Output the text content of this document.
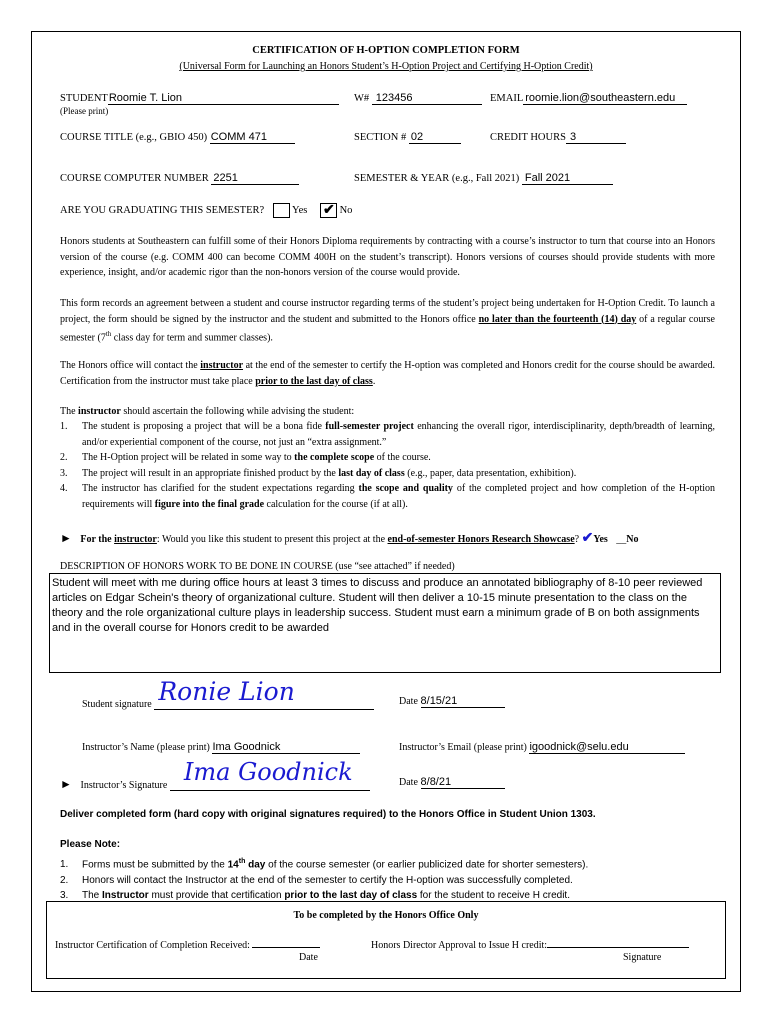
CERTIFICATION OF H-OPTION COMPLETION FORM
(Universal Form for Launching an Honors Student’s H-Option Project and Certifying H-Option Credit)
STUDENTRoomie T. Lion
(Please print)
W# 123456	EMAIL roomie.lion@southeastern.edu
COURSE TITLE (e.g., GBIO 450) COMM 471	SECTION # 02	CREDIT HOURS 3
COURSE COMPUTER NUMBER 2251	SEMESTER & YEAR (e.g., Fall 2021) Fall 2021
ARE YOU GRADUATING THIS SEMESTER?	Yes ✔ No
Honors students at Southeastern can fulfill some of their Honors Diploma requirements by contracting with a course’s instructor to turn that course into an Honors version of the course (e.g. COMM 400 can become COMM 400H on the student’s transcript). Honors versions of courses should provide students with more experience, insight, and/or academic rigor than the non-honors version of the course would provide.
This form records an agreement between a student and course instructor regarding terms of the student’s project being undertaken for H-Option Credit. To launch a project, the form should be signed by the instructor and the student and submitted to the Honors office no later than the fourteenth (14) day of a regular course semester (7th class day for term and summer classes).
The Honors office will contact the instructor at the end of the semester to certify the H-option was completed and Honors credit for the course should be awarded. Certification from the instructor must take place prior to the last day of class.
The instructor should ascertain the following while advising the student:
1. The student is proposing a project that will be a bona fide full-semester project enhancing the overall rigor, interdisciplinarity, depth/breadth of learning, and/or experiential component of the course, not just an “extra assignment.”
2. The H-Option project will be related in some way to the complete scope of the course.
3. The project will result in an appropriate finished product by the last day of class (e.g., paper, data presentation, exhibition).
4. The instructor has clarified for the student expectations regarding the scope and quality of the completed project and how completion of the H-option requirements will figure into the final grade calculation for the course (if at all).
► For the instructor: Would you like this student to present this project at the end-of-semester Honors Research Showcase? ✔Yes __No
DESCRIPTION OF HONORS WORK TO BE DONE IN COURSE (use “see attached” if needed)
Student will meet with me during office hours at least 3 times to discuss and produce an annotated bibliography of 8-10 peer reviewed articles on Edgar Schein's theory of organizational culture. Student will then deliver a 10-15 minute presentation to the class on the theory and the role organizational culture plays in leadership success. Student must earn a minimum grade of B on both assignments and in the overall course for Honors credit to be awarded
Student signature Ronie Lion	Date 8/15/21
Instructor’s Name (please print) Ima Goodnick	Instructor’s Email (please print) igoodnick@selu.edu
► Instructor’s Signature Ima Goodnick	Date 8/8/21
Deliver completed form (hard copy with original signatures required) to the Honors Office in Student Union 1303.
Please Note:
1. Forms must be submitted by the 14th day of the course semester (or earlier publicized date for shorter semesters).
2. Honors will contact the Instructor at the end of the semester to certify the H-option was successfully completed.
3. The Instructor must provide that certification prior to the last day of class for the student to receive H credit.
To be completed by the Honors Office Only
Instructor Certification of Completion Received:
Date
Honors Director Approval to Issue H credit:
Signature
